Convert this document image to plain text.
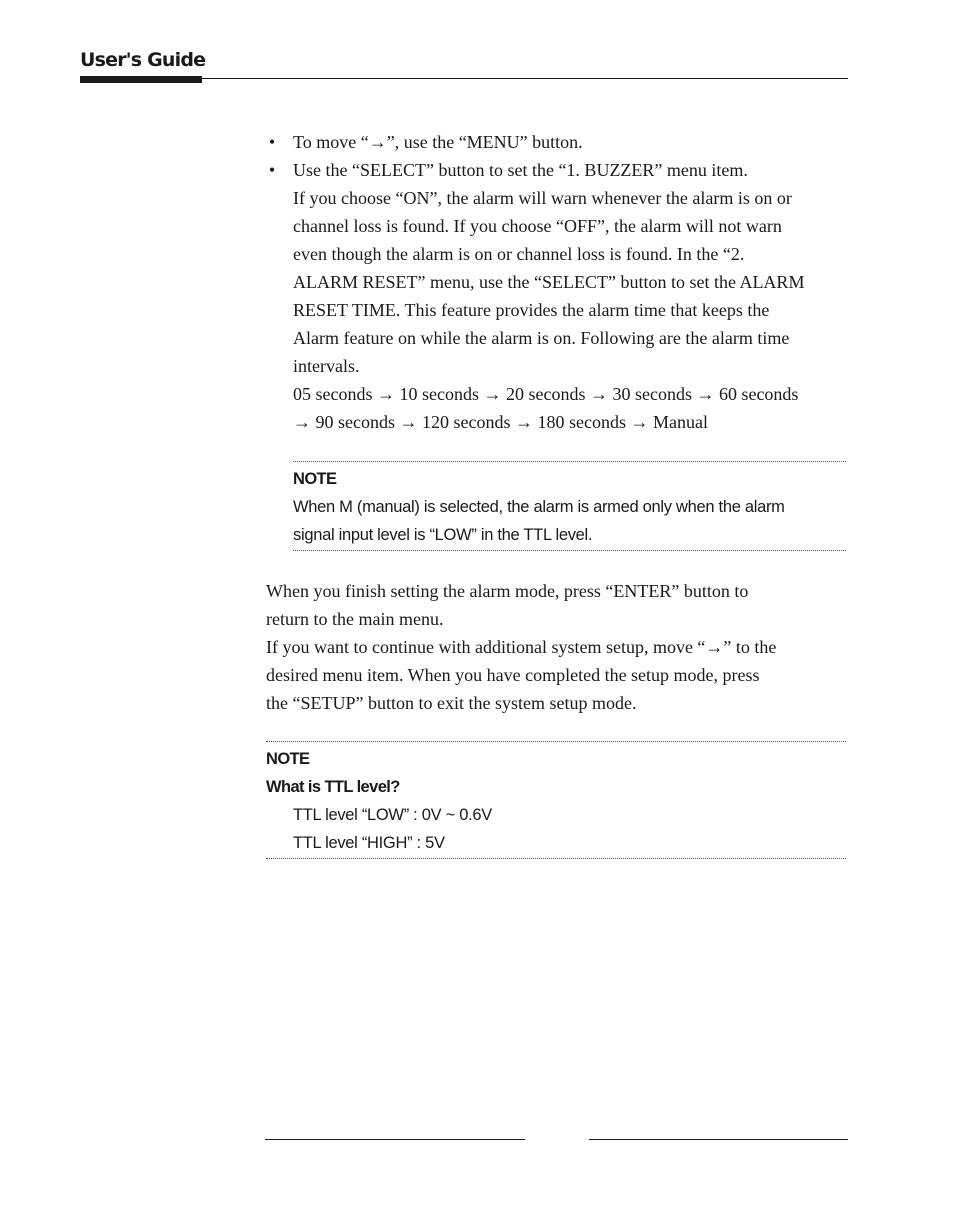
User's Guide
• To move “→”, use the “MENU” button.

• Use the “SELECT” button to set the “1. BUZZER” menu item.

If you choose “ON”, the alarm will warn whenever the alarm is on or

channel loss is found. If you choose “OFF”, the alarm will not warn

even though the alarm is on or channel loss is found. In the “2.

ALARM RESET” menu, use the “SELECT” button to set the ALARM

RESET TIME. This feature provides the alarm time that keeps the

Alarm feature on while the alarm is on. Following are the alarm time

intervals.

05 seconds → 10 seconds → 20 seconds → 30 seconds → 60 seconds

→ 90 seconds → 120 seconds → 180 seconds → Manual

NOTE

When M (manual) is selected, the alarm is armed only when the alarm

signal input level is “LOW” in the TTL level.

When you finish setting the alarm mode, press “ENTER” button to

return to the main menu.

If you want to continue with additional system setup, move “→” to the

desired menu item. When you have completed the setup mode, press

the “SETUP” button to exit the system setup mode.

NOTE

What is TTL level?

TTL level “LOW” : 0V ~ 0.6V

TTL level “HIGH” : 5V
